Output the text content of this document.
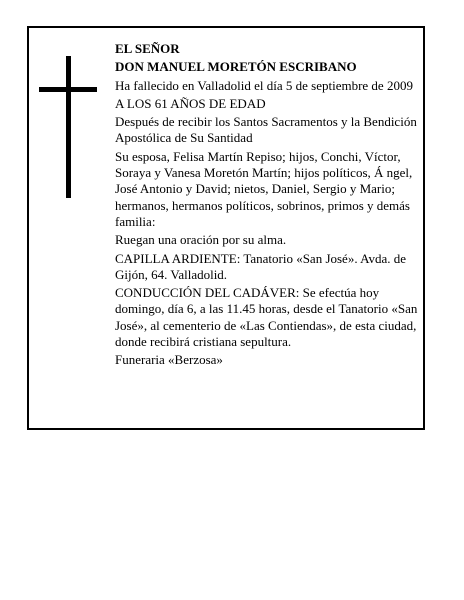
EL SEÑOR

DON MANUEL MORETÓN ESCRIBANO

Ha fallecido en Valladolid el día 5 de septiembre de 2009

A LOS 61 AÑOS DE EDAD

Después de recibir los Santos Sacramentos y la Bendición Apostólica de Su Santidad

Su esposa, Felisa Martín Repiso; hijos, Conchi, Víctor, Soraya y Vanesa Moretón Martín; hijos políticos, Á ngel, José Antonio y David; nietos, Daniel, Sergio y Mario; hermanos, hermanos políticos, sobrinos, primos y demás familia:

Ruegan una oración por su alma.

CAPILLA ARDIENTE: Tanatorio «San José». Avda. de Gijón, 64. Valladolid.

CONDUCCIÓN DEL CADÁVER: Se efectúa hoy domingo, día 6, a las 11.45 horas, desde el Tanatorio «San José», al cementerio de «Las Contiendas», de esta ciudad, donde recibirá cristiana sepultura.

Funeraria «Berzosa»
